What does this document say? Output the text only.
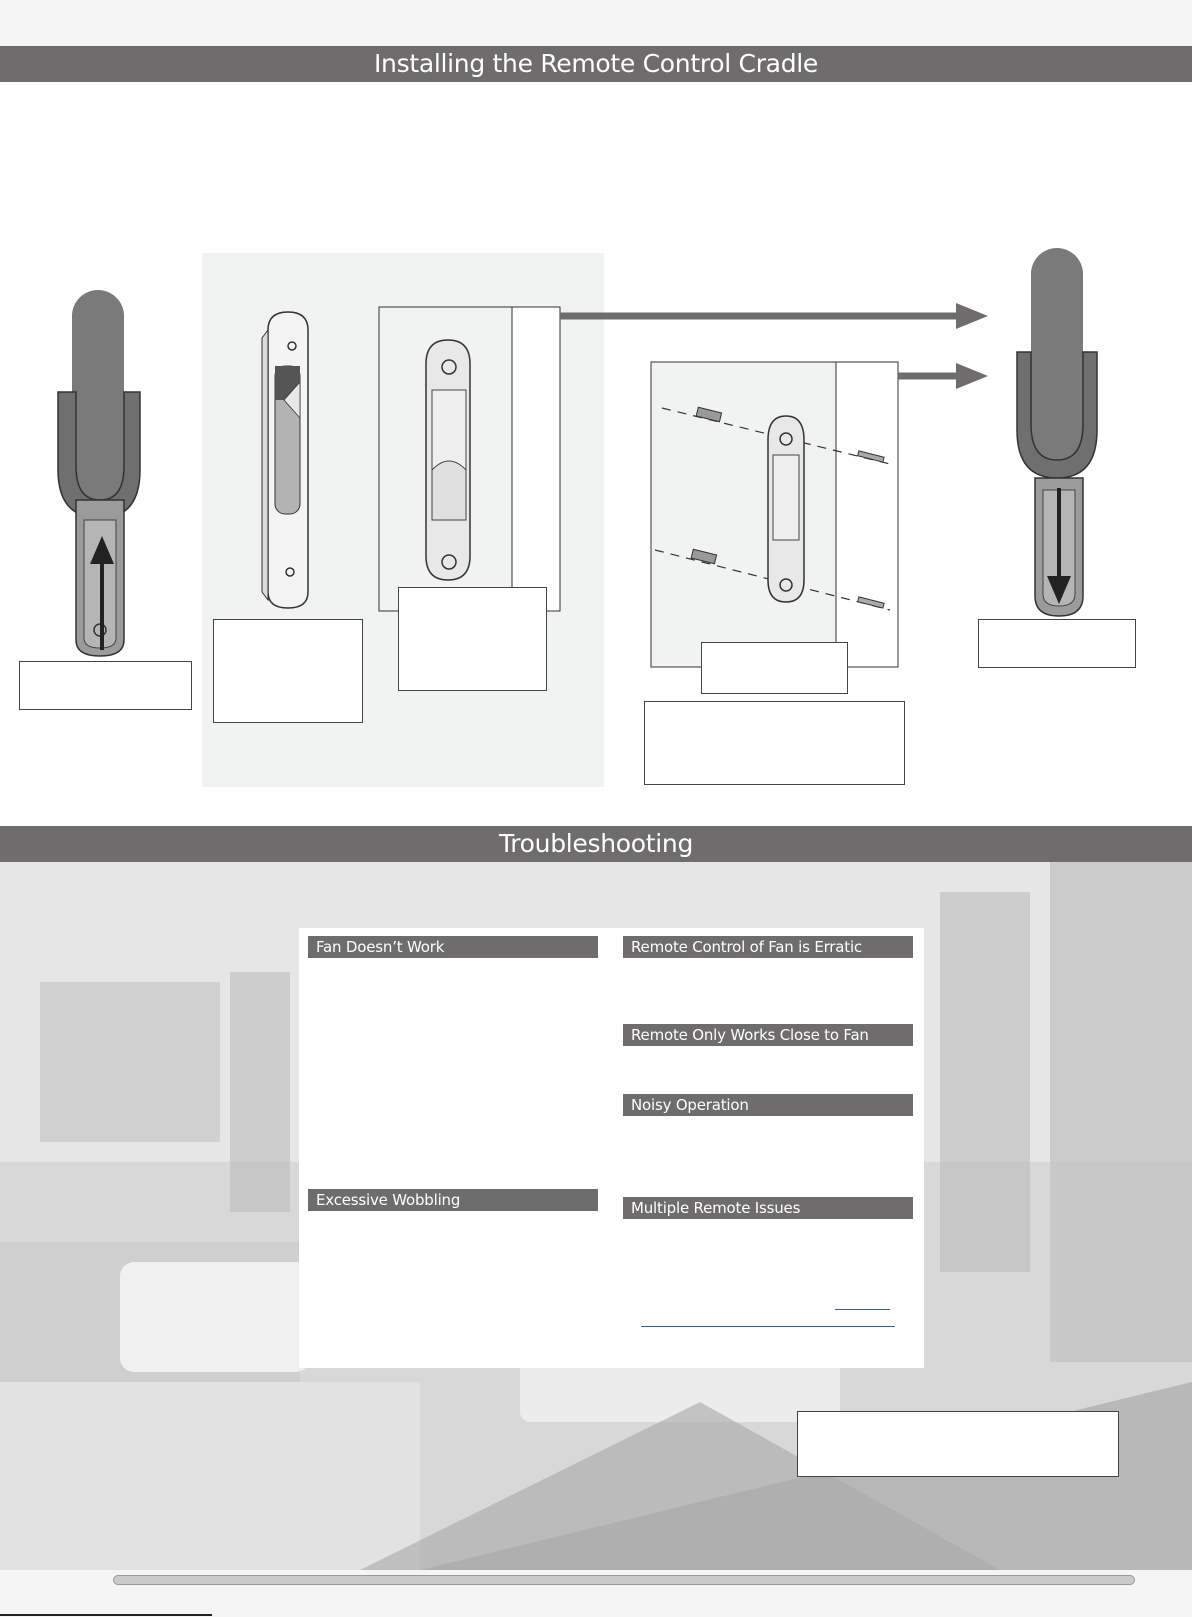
Installing the Remote Control Cradle
Troubleshooting
Fan Doesn’t Work
Excessive Wobbling
Remote Control of Fan is Erratic
Remote Only Works Close to Fan
Noisy Operation
Multiple Remote Issues
